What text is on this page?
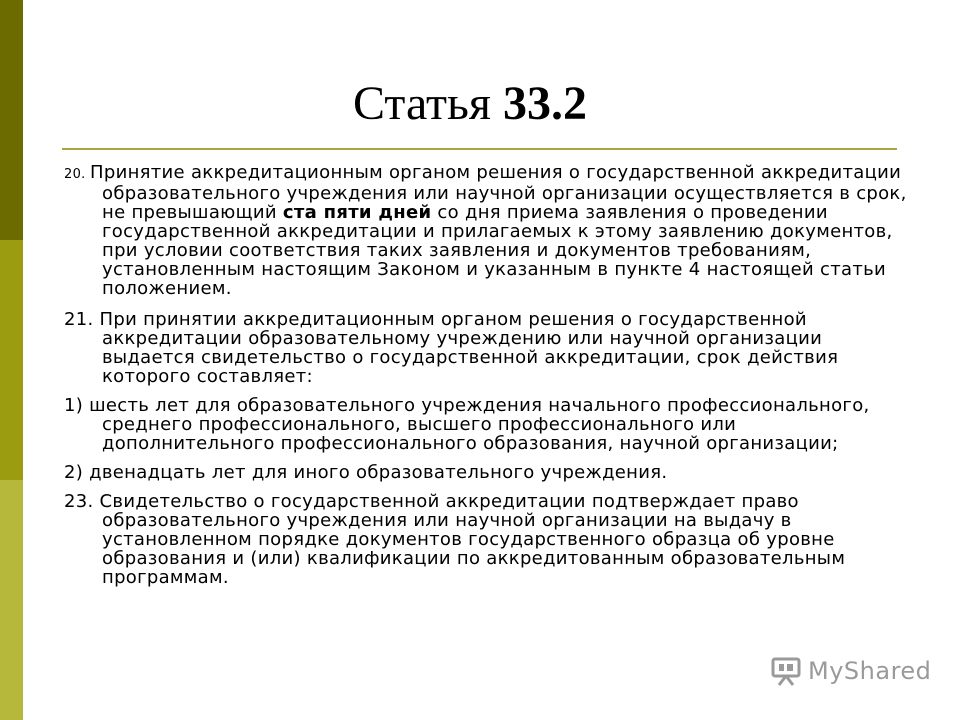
Статья 33.2

20. Принятие аккредитационным органом решения о государственной аккредитации образовательного учреждения или научной организации осуществляется в срок, не превышающий ста пяти дней со дня приема заявления о проведении государственной аккредитации и прилагаемых к этому заявлению документов, при условии соответствия таких заявления и документов требованиям, установленным настоящим Законом и указанным в пункте 4 настоящей статьи положением.

21. При принятии аккредитационным органом решения о государственной аккредитации образовательному учреждению или научной организации выдается свидетельство о государственной аккредитации, срок действия которого составляет:

1) шесть лет для образовательного учреждения начального профессионального, среднего профессионального, высшего профессионального или дополнительного профессионального образования, научной организации;

2) двенадцать лет для иного образовательного учреждения.

23. Свидетельство о государственной аккредитации подтверждает право образовательного учреждения или научной организации на выдачу в установленном порядке документов государственного образца об уровне образования и (или) квалификации по аккредитованным образовательным программам.

MyShared
